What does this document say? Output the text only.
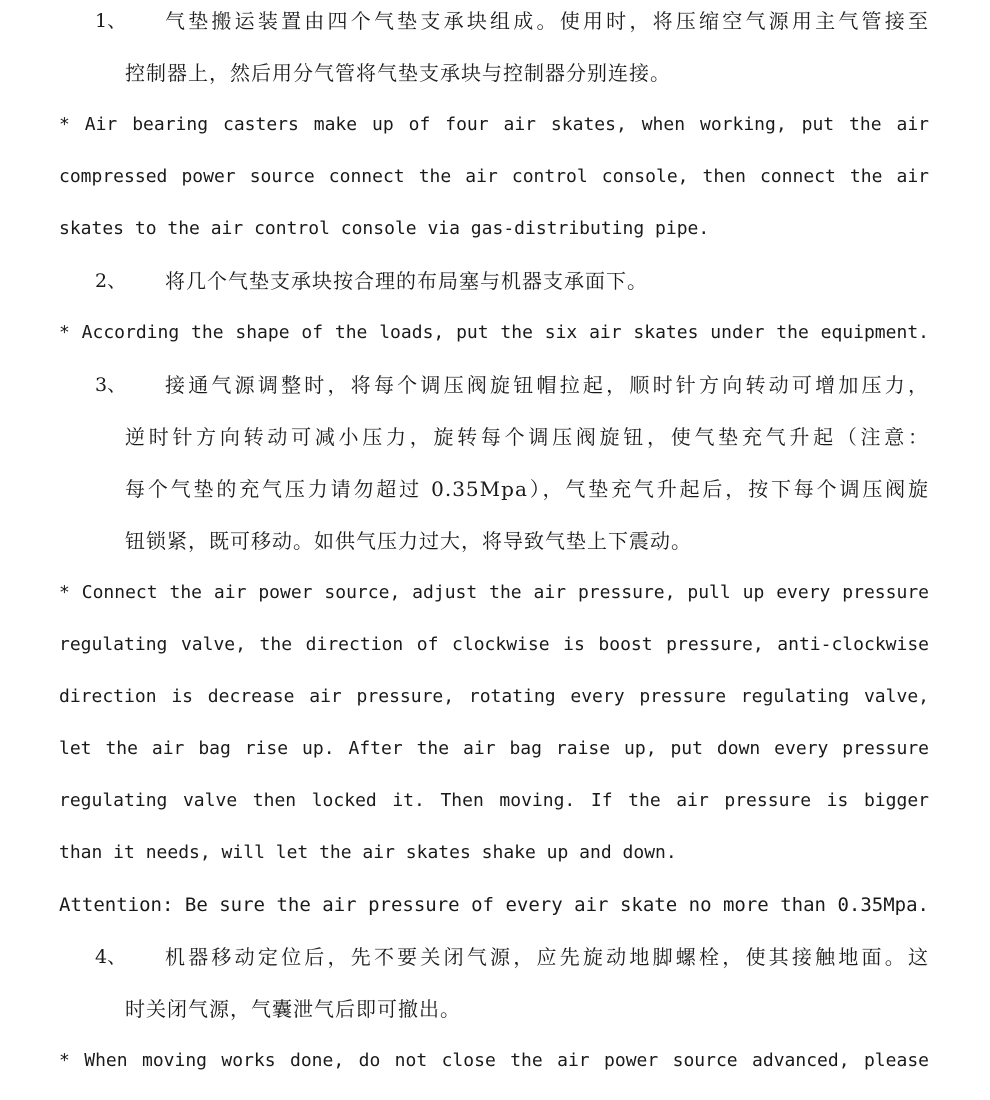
1、 气垫搬运装置由四个气垫支承块组成。使用时，将压缩空气源用主气管接至
控制器上，然后用分气管将气垫支承块与控制器分别连接。
* Air bearing casters make up of four air skates, when working, put the air
compressed power source connect the air control console, then connect the air
skates to the air control console via gas-distributing pipe.
2、 将几个气垫支承块按合理的布局塞与机器支承面下。
* According the shape of the loads, put the six air skates under the equipment.
3、 接通气源调整时，将每个调压阀旋钮帽拉起，顺时针方向转动可增加压力，
逆时针方向转动可减小压力，旋转每个调压阀旋钮，使气垫充气升起（注意：
每个气垫的充气压力请勿超过 0.35Mpa），气垫充气升起后，按下每个调压阀旋
钮锁紧，既可移动。如供气压力过大，将导致气垫上下震动。
* Connect the air power source, adjust the air pressure, pull up every pressure
regulating valve, the direction of clockwise is boost pressure, anti-clockwise
direction is decrease air pressure, rotating every pressure regulating valve,
let the air bag rise up. After the air bag raise up, put down every pressure
regulating valve then locked it. Then moving. If the air pressure is bigger
than it needs, will let the air skates shake up and down.
Attention: Be sure the air pressure of every air skate no more than 0.35Mpa.
4、 机器移动定位后，先不要关闭气源，应先旋动地脚螺栓，使其接触地面。这
时关闭气源，气囊泄气后即可撤出。
* When moving works done, do not close the air power source advanced, please
